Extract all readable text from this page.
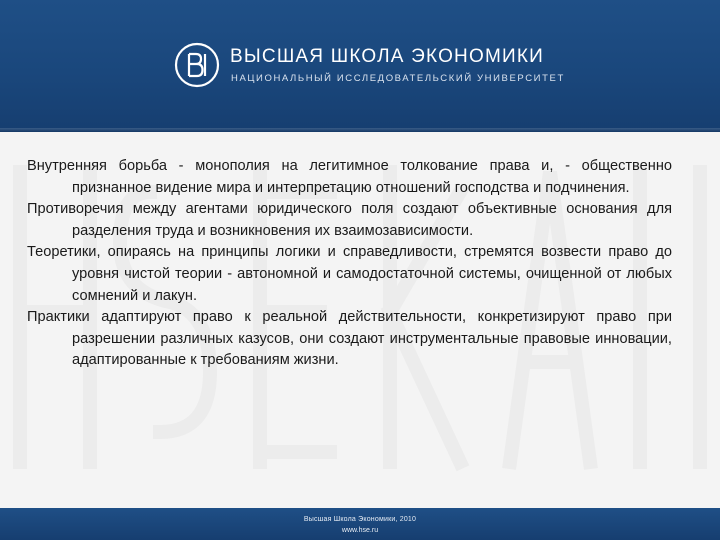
ВЫСШАЯ ШКОЛА ЭКОНОМИКИ
НАЦИОНАЛЬНЫЙ ИССЛЕДОВАТЕЛЬСКИЙ УНИВЕРСИТЕТ

Внутренняя борьба - монополия на легитимное толкование права и, - общественно признанное видение мира и интерпретацию отношений господства и подчинения.

Противоречия между агентами юридического поля создают объективные основания для разделения труда и возникновения их взаимозависимости.

Теоретики, опираясь на принципы логики и справедливости, стремятся возвести право до уровня чистой теории - автономной и самодостаточной системы, очищенной от любых сомнений и лакун.

Практики адаптируют право к реальной действительности, конкретизируют право при разрешении различных казусов, они создают инструментальные правовые инновации, адаптированные к требованиям жизни.

Высшая Школа Экономики, 2010
www.hse.ru
